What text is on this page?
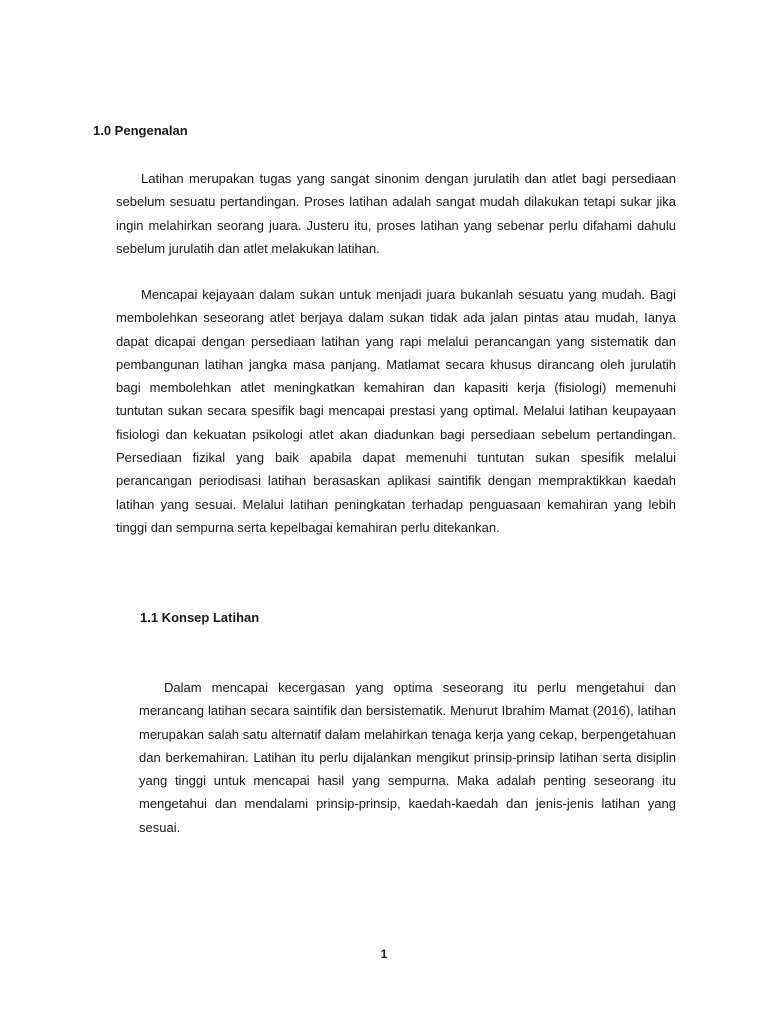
1.0 Pengenalan

Latihan merupakan tugas yang sangat sinonim dengan jurulatih dan atlet bagi persediaan sebelum sesuatu pertandingan. Proses latihan adalah sangat mudah dilakukan tetapi sukar jika ingin melahirkan seorang juara. Justeru itu, proses latihan yang sebenar perlu difahami dahulu sebelum jurulatih dan atlet melakukan latihan.

Mencapai kejayaan dalam sukan untuk menjadi juara bukanlah sesuatu yang mudah. Bagi membolehkan seseorang atlet berjaya dalam sukan tidak ada jalan pintas atau mudah, Ianya dapat dicapai dengan persediaan latihan yang rapi melalui perancangan yang sistematik dan pembangunan latihan jangka masa panjang. Matlamat secara khusus dirancang oleh jurulatih bagi membolehkan atlet meningkatkan kemahiran dan kapasiti kerja (fisiologi) memenuhi tuntutan sukan secara spesifik bagi mencapai prestasi yang optimal. Melalui latihan keupayaan fisiologi dan kekuatan psikologi atlet akan diadunkan bagi persediaan sebelum pertandingan. Persediaan fizikal yang baik apabila dapat memenuhi tuntutan sukan spesifik melalui perancangan periodisasi latihan berasaskan aplikasi saintifik dengan mempraktikkan kaedah latihan yang sesuai. Melalui latihan peningkatan terhadap penguasaan kemahiran yang lebih tinggi dan sempurna serta kepelbagai kemahiran perlu ditekankan.

1.1 Konsep Latihan

Dalam mencapai kecergasan yang optima seseorang itu perlu mengetahui dan merancang latihan secara saintifik dan bersistematik. Menurut Ibrahim Mamat (2016), latihan merupakan salah satu alternatif dalam melahirkan tenaga kerja yang cekap, berpengetahuan dan berkemahiran. Latihan itu perlu dijalankan mengikut prinsip-prinsip latihan serta disiplin yang tinggi untuk mencapai hasil yang sempurna. Maka adalah penting seseorang itu mengetahui dan mendalami prinsip-prinsip, kaedah-kaedah dan jenis-jenis latihan yang sesuai.

1
